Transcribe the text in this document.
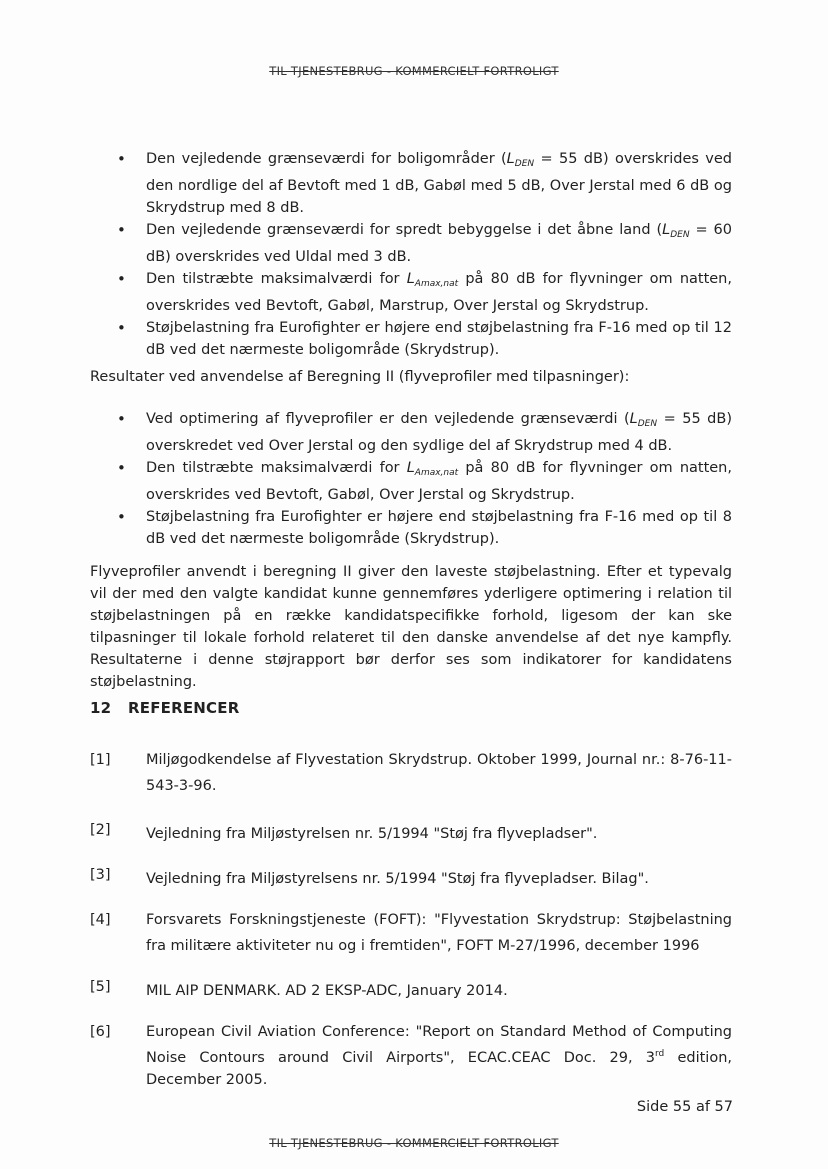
TIL TJENESTEBRUG - KOMMERCIELT FORTROLIGT
• Den vejledende grænseværdi for boligområder ($L_{DEN} = 55$ dB) overskrides ved den nordlige del af Bevtoft med 1 dB, Gabøl med 5 dB, Over Jerstal med 6 dB og Skrydstrup med 8 dB.
• Den vejledende grænseværdi for spredt bebyggelse i det åbne land ($L_{DEN} = 60$ dB) overskrides ved Uldal med 3 dB.
• Den tilstræbte maksimalværdi for $L_{Amax,nat}$ på 80 dB for flyvninger om natten, overskrides ved Bevtoft, Gabøl, Marstrup, Over Jerstal og Skrydstrup.
• Støjbelastning fra Eurofighter er højere end støjbelastning fra F-16 med op til 12 dB ved det nærmeste boligområde (Skrydstrup).

Resultater ved anvendelse af Beregning II (flyveprofiler med tilpasninger):

• Ved optimering af flyveprofiler er den vejledende grænseværdi ($L_{DEN} = 55$ dB) overskredet ved Over Jerstal og den sydlige del af Skrydstrup med 4 dB.
• Den tilstræbte maksimalværdi for $L_{Amax,nat}$ på 80 dB for flyvninger om natten, overskrides ved Bevtoft, Gabøl, Over Jerstal og Skrydstrup.
• Støjbelastning fra Eurofighter er højere end støjbelastning fra F-16 med op til 8 dB ved det nærmeste boligområde (Skrydstrup).

Flyveprofiler anvendt i beregning II giver den laveste støjbelastning. Efter et typevalg vil der med den valgte kandidat kunne gennemføres yderligere optimering i relation til støjbelastningen på en række kandidatspecifikke forhold, ligesom der kan ske tilpasninger til lokale forhold relateret til den danske anvendelse af det nye kampfly. Resultaterne i denne støjrapport bør derfor ses som indikatorer for kandidatens støjbelastning.

12 REFERENCER
[1] Miljøgodkendelse af Flyvestation Skrydstrup. Oktober 1999, Journal nr.: 8-76-11-543-3-96.
[2] Vejledning fra Miljøstyrelsen nr. 5/1994 "Støj fra flyvepladser".
[3] Vejledning fra Miljøstyrelsens nr. 5/1994 "Støj fra flyvepladser. Bilag".
[4] Forsvarets Forskningstjeneste (FOFT): "Flyvestation Skrydstrup: Støjbelastning fra militære aktiviteter nu og i fremtiden", FOFT M-27/1996, december 1996
[5] MIL AIP DENMARK. AD 2 EKSP-ADC, January 2014.
[6] European Civil Aviation Conference: "Report on Standard Method of Computing Noise Contours around Civil Airports", ECAC.CEAC Doc. 29, 3rd edition, December 2005.
Side 55 af 57
TIL TJENESTEBRUG - KOMMERCIELT FORTROLIGT
